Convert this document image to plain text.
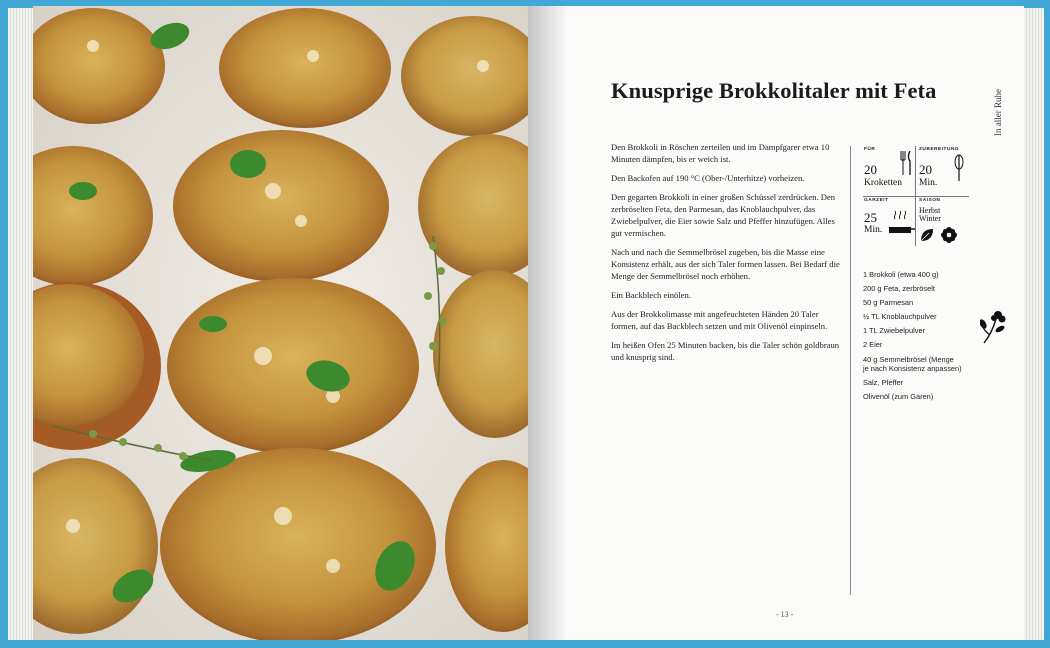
Knusprige Brokkolitaler mit Feta	In aller Ruhe

Den Brokkoli in Röschen zerteilen und im Dampfgarer etwa 10 Minuten dämpfen, bis er weich ist.

Den Backofen auf 190 °C (Ober-/Unterhitze) vorheizen.

Den gegarten Brokkoli in einer großen Schüssel zerdrücken. Den zerbröselten Feta, den Parmesan, das Knoblauchpulver, das Zwiebelpulver, die Eier sowie Salz und Pfeffer hinzufügen. Alles gut vermischen.

Nach und nach die Semmelbrösel zugeben, bis die Masse eine Konsistenz erhält, aus der sich Taler formen lassen. Bei Bedarf die Menge der Semmelbrösel noch erhöhen.

Ein Backblech einölen.

Aus der Brokkolimasse mit angefeuchteten Händen 20 Taler formen, auf das Backblech setzen und mit Olivenöl einpinseln.

Im heißen Ofen 25 Minuten backen, bis die Taler schön goldbraun und knusprig sind.

FÜR
20
Kroketten
ZUBEREITUNG
20
Min.
GARZEIT
25
Min.
SAISON
Herbst
Winter
1 Brokkoli (etwa 400 g)
200 g Feta, zerbröselt
50 g Parmesan
½ TL Knoblauchpulver
1 TL Zwiebelpulver
2 Eier
40 g Semmelbrösel (Menge
je nach Konsistenz anpassen)
Salz, Pfeffer
Olivenöl (zum Garen)
- 13 -
